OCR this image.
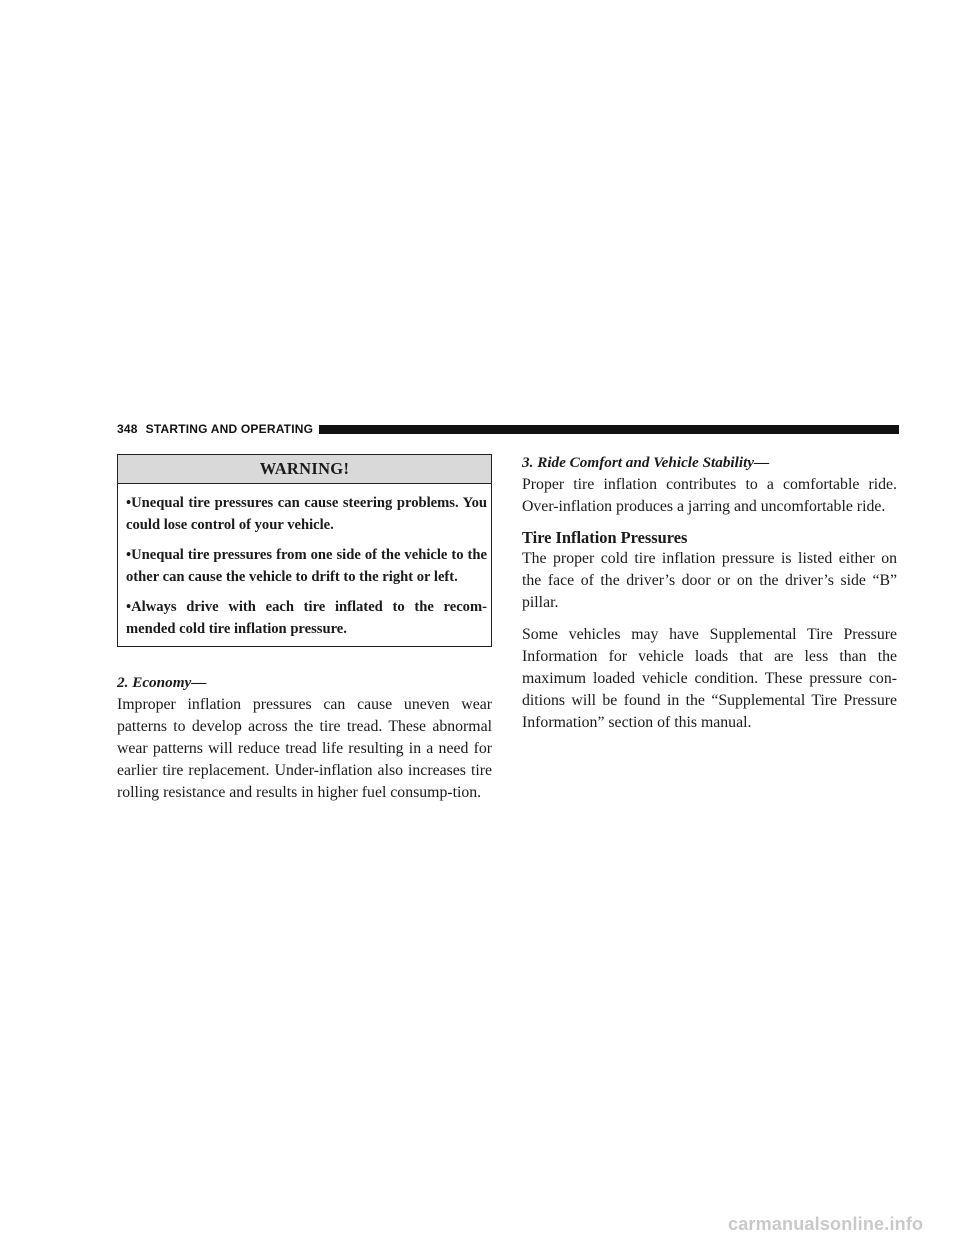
348 STARTING AND OPERATING
WARNING!

•Unequal tire pressures can cause steering problems. You could lose control of your vehicle.

•Unequal tire pressures from one side of the vehicle to the other can cause the vehicle to drift to the right or left.

•Always drive with each tire inflated to the recom-mended cold tire inflation pressure.

2. Economy—

Improper inflation pressures can cause uneven wear patterns to develop across the tire tread. These abnormal wear patterns will reduce tread life resulting in a need for earlier tire replacement. Under-inflation also increases tire rolling resistance and results in higher fuel consump-tion.

3. Ride Comfort and Vehicle Stability—

Proper tire inflation contributes to a comfortable ride. Over-inflation produces a jarring and uncomfortable ride.

Tire Inflation Pressures

The proper cold tire inflation pressure is listed either on the face of the driver’s door or on the driver’s side “B” pillar.

Some vehicles may have Supplemental Tire Pressure Information for vehicle loads that are less than the maximum loaded vehicle condition. These pressure con-ditions will be found in the “Supplemental Tire Pressure Information” section of this manual.

carmanualsonline.info
